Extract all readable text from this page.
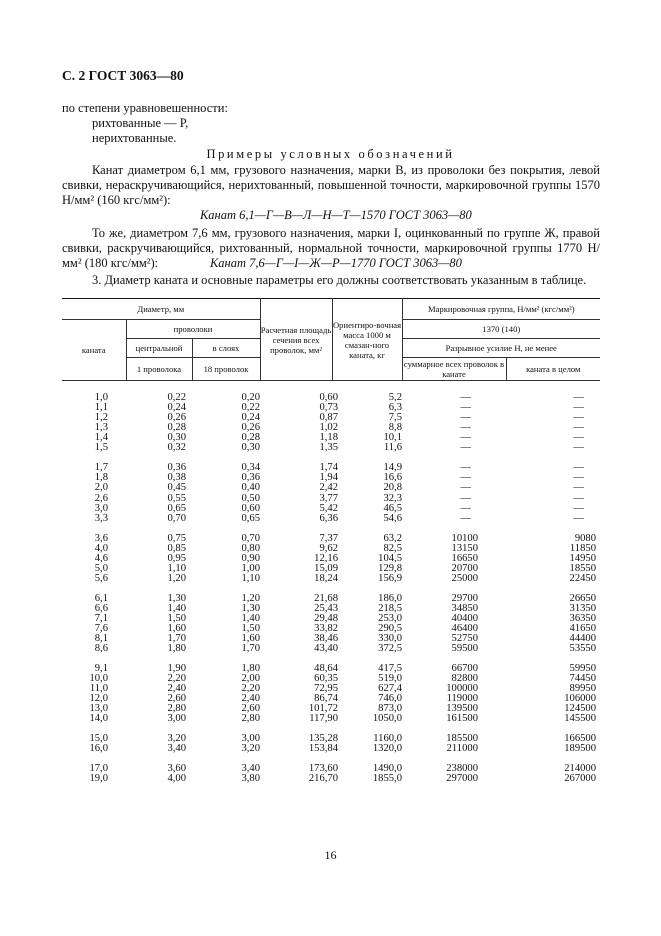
С. 2 ГОСТ 3063—80
по степени уравновешенности:
рихтованные — Р,
нерихтованные.
Примеры условных обозначений
Канат диаметром 6,1 мм, грузового назначения, марки В, из проволоки без покрытия, левой свивки, нераскручивающийся, нерихтованный, повышенной точности, маркировочной группы 1570 Н/мм² (160 кгс/мм²):
Канат 6,1—Г—В—Л—Н—Т—1570 ГОСТ 3063—80
То же, диаметром 7,6 мм, грузового назначения, марки I, оцинкованный по группе Ж, правой свивки, раскручивающийся, рихтованный, нормальной точности, маркировочной группы 1770 Н/мм² (180 кгс/мм²):	Канат 7,6—Г—I—Ж—Р—1770 ГОСТ 3063—80
3. Диаметр каната и основные параметры его должны соответствовать указанным в таблице.
Диаметр, мм			Расчетная площадь сечения всех проволок, мм²	Ориентиро-вочная масса 1000 м смазан-ного каната, кг	Маркировочная группа, Н/мм² (кгс/мм²)	
каната	проволоки				1370 (140)	
	центральной	в слоях			Разрывное усилие Н, не менее	
	1 проволока	18 проволок			суммарное всех проволок в канате	каната в целом
1,0	0,22	0,20	0,60	5,2	—	—
1,1	0,24	0,22	0,73	6,3	—	—
1,2	0,26	0,24	0,87	7,5	—	—
1,3	0,28	0,26	1,02	8,8	—	—
1,4	0,30	0,28	1,18	10,1	—	—
1,5	0,32	0,30	1,35	11,6	—	—
1,7	0,36	0,34	1,74	14,9	—	—
1,8	0,38	0,36	1,94	16,6	—	—
2,0	0,45	0,40	2,42	20,8	—	—
2,6	0,55	0,50	3,77	32,3	—	—
3,0	0,65	0,60	5,42	46,5	—	—
3,3	0,70	0,65	6,36	54,6	—	—
3,6	0,75	0,70	7,37	63,2	10100	9080
4,0	0,85	0,80	9,62	82,5	13150	11850
4,6	0,95	0,90	12,16	104,5	16650	14950
5,0	1,10	1,00	15,09	129,8	20700	18550
5,6	1,20	1,10	18,24	156,9	25000	22450
6,1	1,30	1,20	21,68	186,0	29700	26650
6,6	1,40	1,30	25,43	218,5	34850	31350
7,1	1,50	1,40	29,48	253,0	40400	36350
7,6	1,60	1,50	33,82	290,5	46400	41650
8,1	1,70	1,60	38,46	330,0	52750	44400
8,6	1,80	1,70	43,40	372,5	59500	53550
9,1	1,90	1,80	48,64	417,5	66700	59950
10,0	2,20	2,00	60,35	519,0	82800	74450
11,0	2,40	2,20	72,95	627,4	100000	89950
12,0	2,60	2,40	86,74	746,0	119000	106000
13,0	2,80	2,60	101,72	873,0	139500	124500
14,0	3,00	2,80	117,90	1050,0	161500	145500
15,0	3,20	3,00	135,28	1160,0	185500	166500
16,0	3,40	3,20	153,84	1320,0	211000	189500
17,0	3,60	3,40	173,60	1490,0	238000	214000
19,0	4,00	3,80	216,70	1855,0	297000	267000
16
